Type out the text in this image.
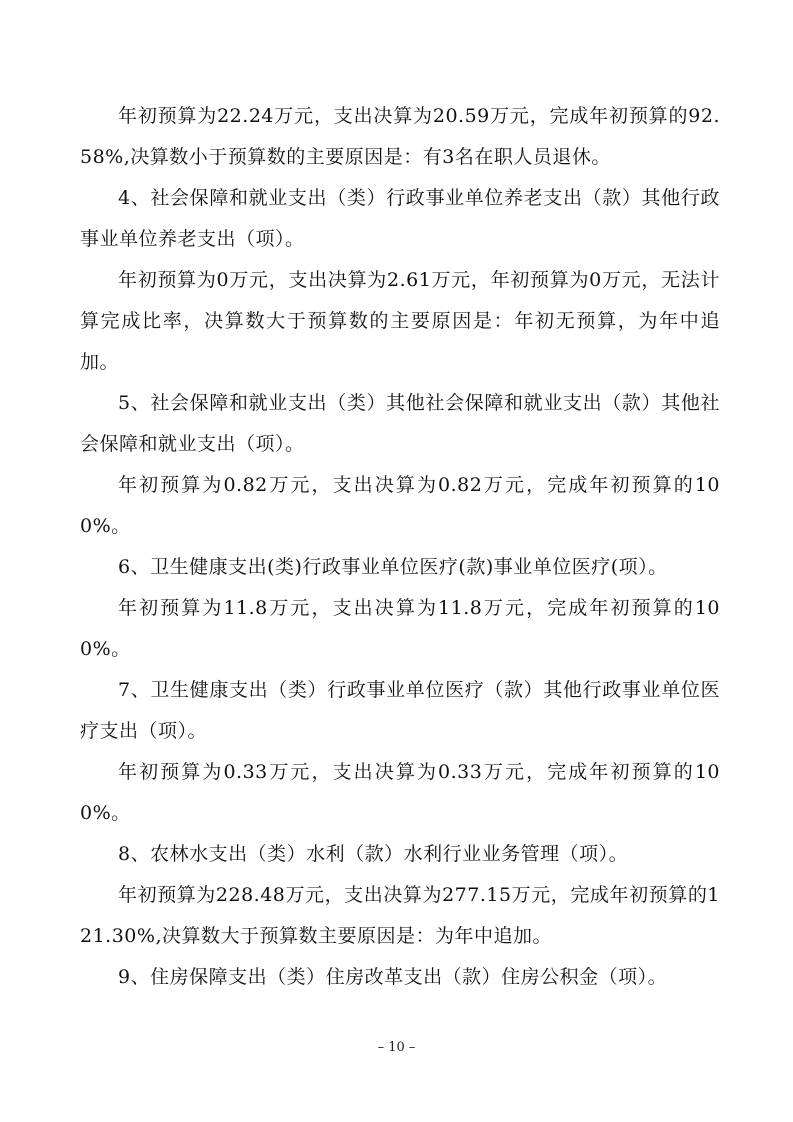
年初预算为22.24万元，支出决算为20.59万元，完成年初预算的92.58%,决算数小于预算数的主要原因是：有3名在职人员退休。

4、社会保障和就业支出（类）行政事业单位养老支出（款）其他行政事业单位养老支出（项）。

年初预算为0万元，支出决算为2.61万元，年初预算为0万元，无法计算完成比率，决算数大于预算数的主要原因是：年初无预算，为年中追加。

5、社会保障和就业支出（类）其他社会保障和就业支出（款）其他社会保障和就业支出（项）。

年初预算为0.82万元，支出决算为0.82万元，完成年初预算的100%。

6、卫生健康支出(类)行政事业单位医疗(款)事业单位医疗(项）。

年初预算为11.8万元，支出决算为11.8万元，完成年初预算的100%。

7、卫生健康支出（类）行政事业单位医疗（款）其他行政事业单位医疗支出（项）。

年初预算为0.33万元，支出决算为0.33万元，完成年初预算的100%。

8、农林水支出（类）水利（款）水利行业业务管理（项）。

年初预算为228.48万元，支出决算为277.15万元，完成年初预算的121.30%,决算数大于预算数主要原因是：为年中追加。

9、住房保障支出（类）住房改革支出（款）住房公积金（项）。

– 10 –
